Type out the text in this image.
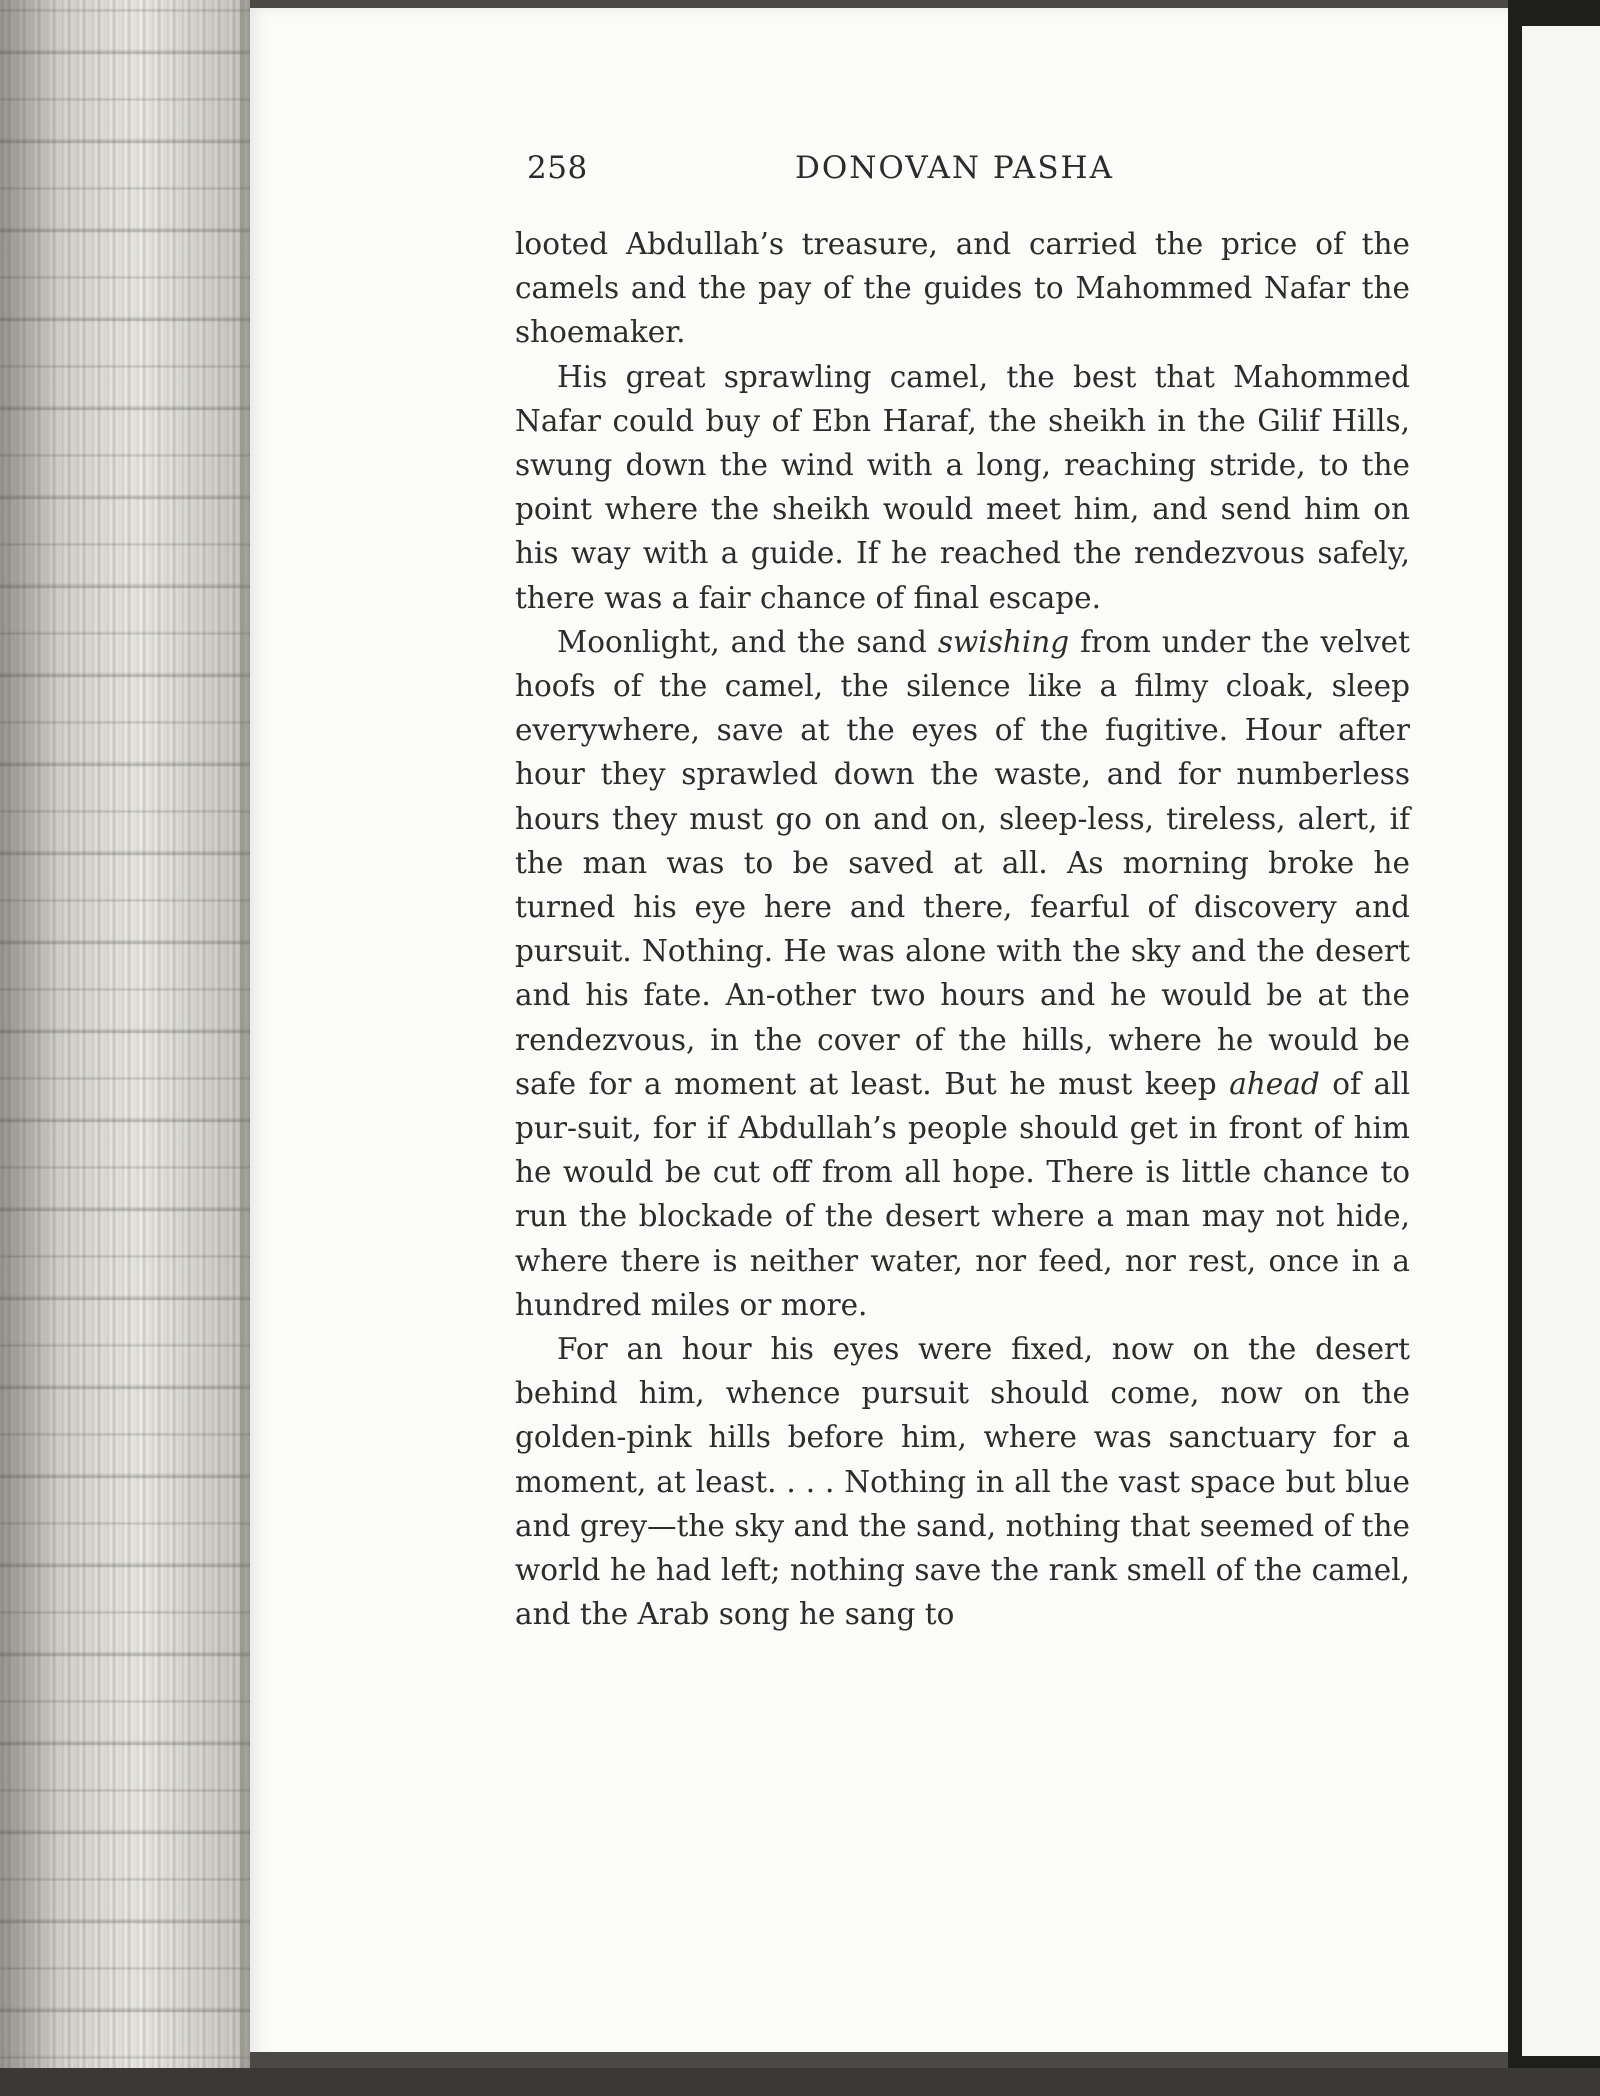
258	DONOVAN PASHA

looted Abdullah’s treasure, and carried the price of the camels and the pay of the guides to Mahommed Nafar the shoemaker.

His great sprawling camel, the best that Mahommed Nafar could buy of Ebn Haraf, the sheikh in the Gilif Hills, swung down the wind with a long, reaching stride, to the point where the sheikh would meet him, and send him on his way with a guide. If he reached the rendezvous safely, there was a fair chance of final escape.

Moonlight, and the sand swishing from under the velvet hoofs of the camel, the silence like a filmy cloak, sleep everywhere, save at the eyes of the fugitive. Hour after hour they sprawled down the waste, and for numberless hours they must go on and on, sleep-less, tireless, alert, if the man was to be saved at all. As morning broke he turned his eye here and there, fearful of discovery and pursuit. Nothing. He was alone with the sky and the desert and his fate. An-other two hours and he would be at the rendezvous, in the cover of the hills, where he would be safe for a moment at least. But he must keep ahead of all pur-suit, for if Abdullah’s people should get in front of him he would be cut off from all hope. There is little chance to run the blockade of the desert where a man may not hide, where there is neither water, nor feed, nor rest, once in a hundred miles or more.

For an hour his eyes were fixed, now on the desert behind him, whence pursuit should come, now on the golden-pink hills before him, where was sanctuary for a moment, at least. . . . Nothing in all the vast space but blue and grey—the sky and the sand, nothing that seemed of the world he had left; nothing save the rank smell of the camel, and the Arab song he sang to
